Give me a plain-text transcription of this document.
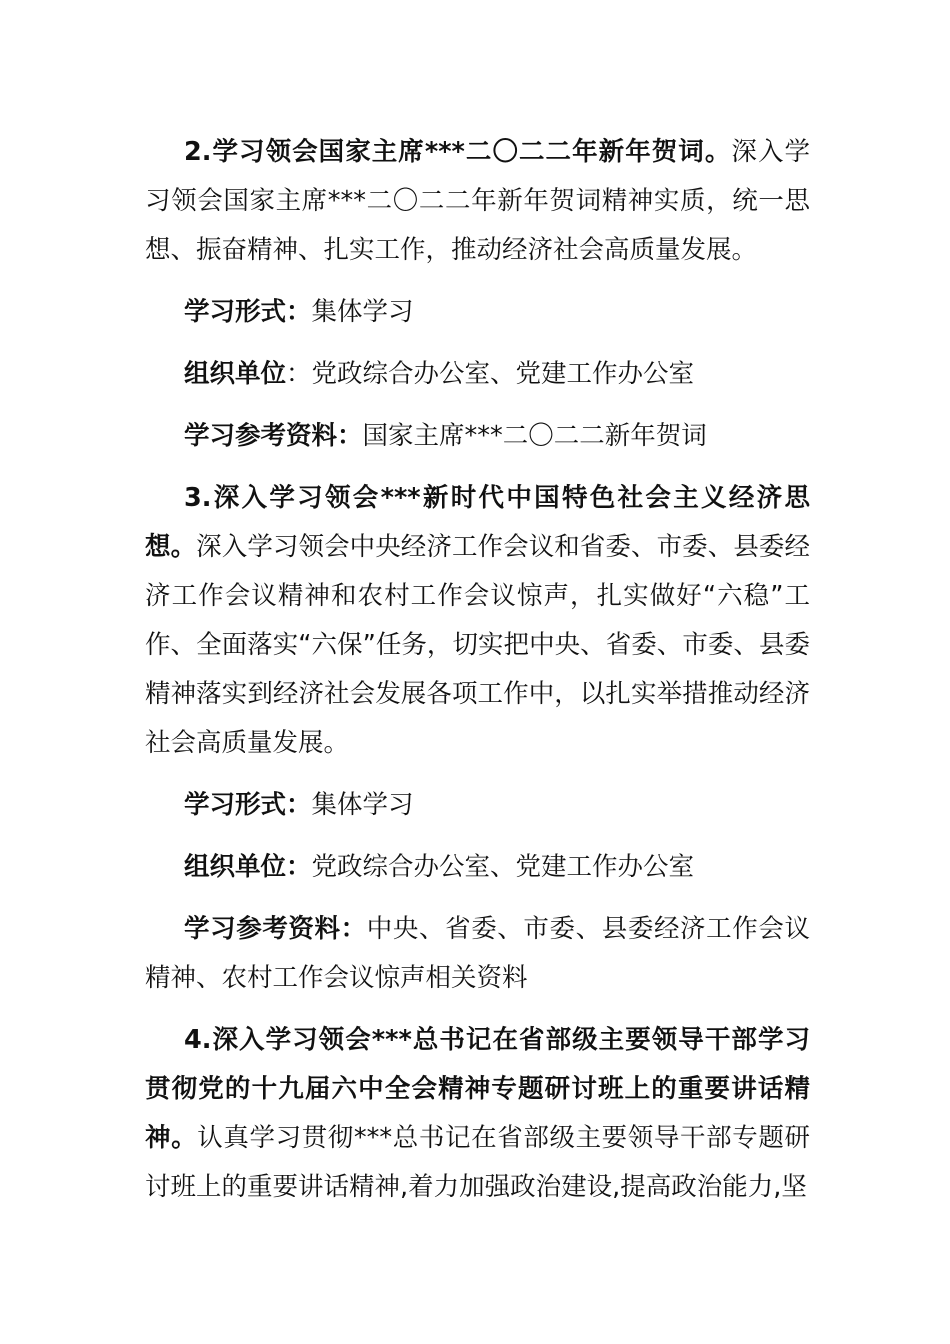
2.学习领会国家主席***二〇二二年新年贺词。深入学习领会国家主席***二〇二二年新年贺词精神实质，统一思想、振奋精神、扎实工作，推动经济社会高质量发展。

学习形式：集体学习

组织单位：党政综合办公室、党建工作办公室

学习参考资料：国家主席***二〇二二新年贺词

3.深入学习领会***新时代中国特色社会主义经济思想。深入学习领会中央经济工作会议和省委、市委、县委经济工作会议精神和农村工作会议惊声，扎实做好“六稳”工作、全面落实“六保”任务，切实把中央、省委、市委、县委精神落实到经济社会发展各项工作中，以扎实举措推动经济社会高质量发展。

学习形式：集体学习

组织单位：党政综合办公室、党建工作办公室

学习参考资料：中央、省委、市委、县委经济工作会议精神、农村工作会议惊声相关资料

4.深入学习领会***总书记在省部级主要领导干部学习贯彻党的十九届六中全会精神专题研讨班上的重要讲话精神。认真学习贯彻***总书记在省部级主要领导干部专题研讨班上的重要讲话精神,着力加强政治建设,提高政治能力,坚
